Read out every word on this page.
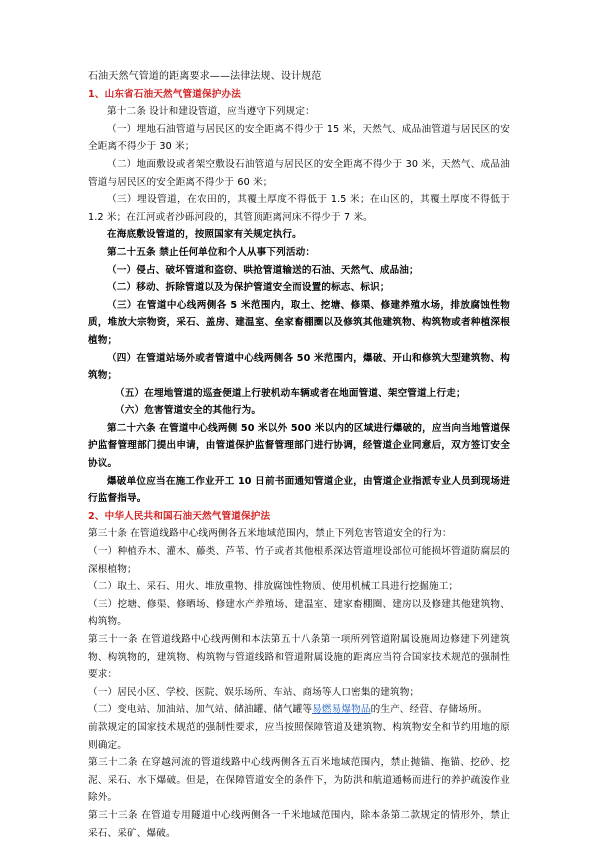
石油天然气管道的距离要求——法律法规、设计规范

1、山东省石油天然气管道保护办法

第十二条 设计和建设管道，应当遵守下列规定：

（一）埋地石油管道与居民区的安全距离不得少于 15 米，天然气、成品油管道与居民区的安全距离不得少于 30 米；

（二）地面敷设或者架空敷设石油管道与居民区的安全距离不得少于 30 米，天然气、成品油管道与居民区的安全距离不得少于 60 米；

（三）埋设管道，在农田的，其覆土厚度不得低于 1.5 米；在山区的，其覆土厚度不得低于 1.2 米；在江河或者沙砾河段的，其管顶距离河床不得少于 7 米。

在海底敷设管道的，按照国家有关规定执行。

第二十五条 禁止任何单位和个人从事下列活动：

（一）侵占、破坏管道和盗窃、哄抢管道输送的石油、天然气、成品油；

（二）移动、拆除管道以及为保护管道安全而设置的标志、标识；

（三）在管道中心线两侧各 5 米范围内，取土、挖塘、修渠、修建养殖水场，排放腐蚀性物质，堆放大宗物资，采石、盖房、建温室、垒家畜棚圈以及修筑其他建筑物、构筑物或者种植深根植物；

（四）在管道站场外或者管道中心线两侧各 50 米范围内，爆破、开山和修筑大型建筑物、构筑物；

（五）在埋地管道的巡查便道上行驶机动车辆或者在地面管道、架空管道上行走；

（六）危害管道安全的其他行为。

第二十六条 在管道中心线两侧 50 米以外 500 米以内的区域进行爆破的，应当向当地管道保护监督管理部门提出申请，由管道保护监督管理部门进行协调，经管道企业同意后，双方签订安全协议。

爆破单位应当在施工作业开工 10 日前书面通知管道企业，由管道企业指派专业人员到现场进行监督指导。

2、中华人民共和国石油天然气管道保护法

第三十条 在管道线路中心线两侧各五米地域范围内，禁止下列危害管道安全的行为：

（一）种植乔木、灌木、藤类、芦苇、竹子或者其他根系深达管道埋设部位可能损坏管道防腐层的深根植物；

（二）取土、采石、用火、堆放重物、排放腐蚀性物质、使用机械工具进行挖掘施工；

（三）挖塘、修渠、修晒场、修建水产养殖场、建温室、建家畜棚圈、建房以及修建其他建筑物、构筑物。

第三十一条 在管道线路中心线两侧和本法第五十八条第一项所列管道附属设施周边修建下列建筑物、构筑物的，建筑物、构筑物与管道线路和管道附属设施的距离应当符合国家技术规范的强制性要求：

（一）居民小区、学校、医院、娱乐场所、车站、商场等人口密集的建筑物；

（二）变电站、加油站、加气站、储油罐、储气罐等易燃易爆物品的生产、经营、存储场所。

前款规定的国家技术规范的强制性要求，应当按照保障管道及建筑物、构筑物安全和节约用地的原则确定。

第三十二条 在穿越河流的管道线路中心线两侧各五百米地域范围内，禁止抛锚、拖锚、挖砂、挖泥、采石、水下爆破。但是，在保障管道安全的条件下，为防洪和航道通畅而进行的养护疏浚作业除外。

第三十三条 在管道专用隧道中心线两侧各一千米地域范围内，除本条第二款规定的情形外，禁止采石、采矿、爆破。
